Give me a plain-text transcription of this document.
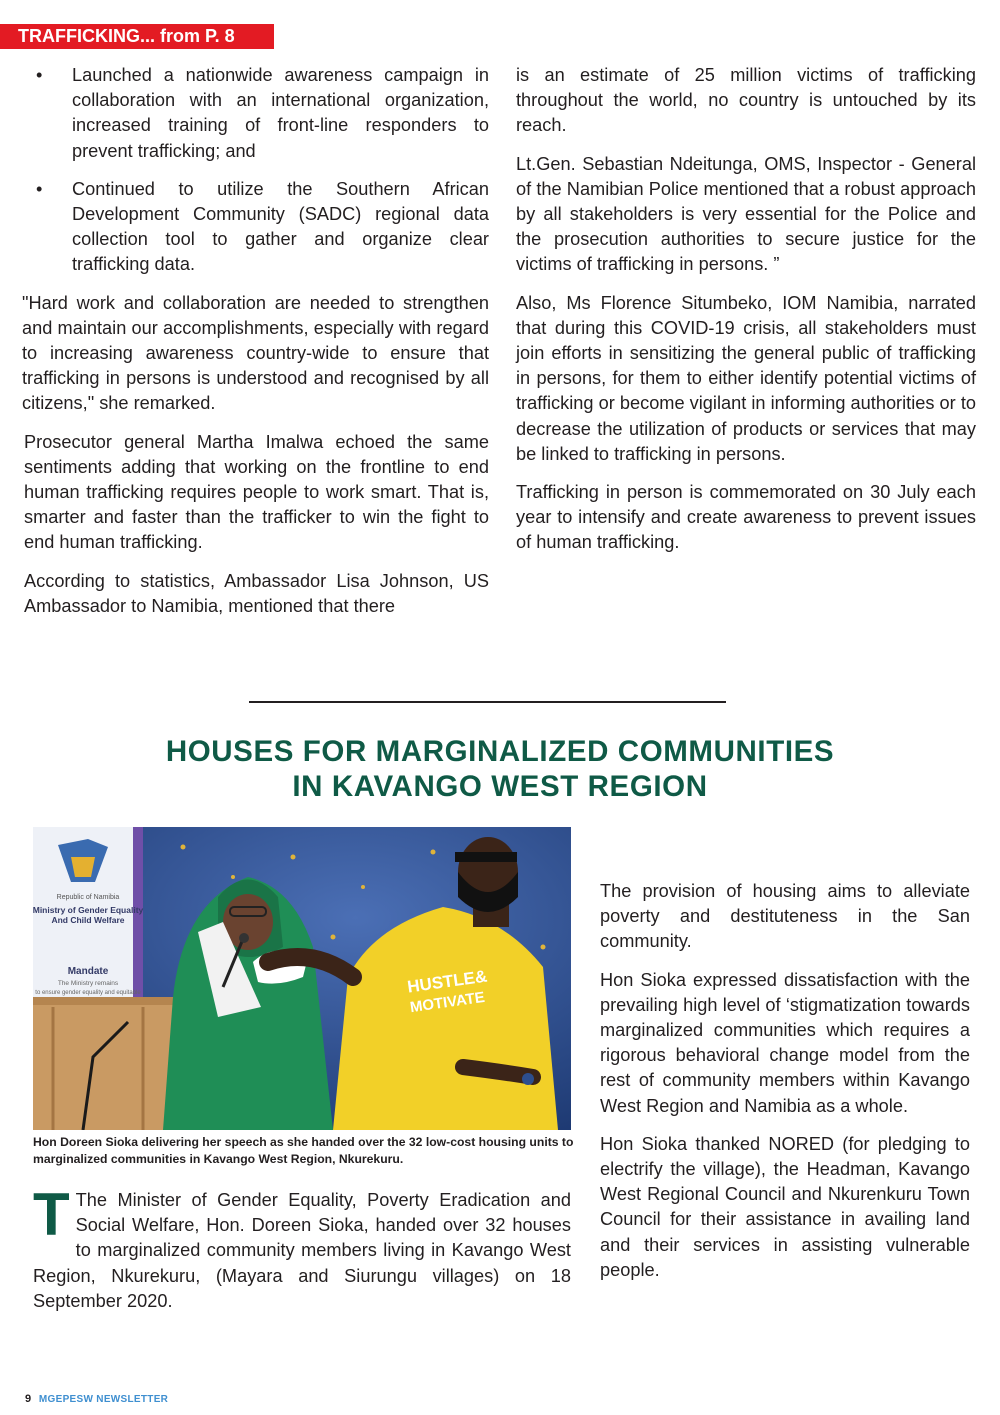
TRAFFICKING... from P. 8
• Launched a nationwide awareness campaign in collaboration with an international organization, increased training of front-line responders to prevent trafficking; and
• Continued to utilize the Southern African Development Community (SADC) regional data collection tool to gather and organize clear trafficking data.

"Hard work and collaboration are needed to strengthen and maintain our accomplishments, especially with regard to increasing awareness country-wide to ensure that trafficking in persons is understood and recognised by all citizens," she remarked.

Prosecutor general Martha Imalwa echoed the same sentiments adding that working on the frontline to end human trafficking requires people to work smart. That is, smarter and faster than the trafficker to win the fight to end human trafficking.

According to statistics, Ambassador Lisa Johnson, US Ambassador to Namibia, mentioned that there

is an estimate of 25 million victims of trafficking throughout the world, no country is untouched by its reach.

Lt.Gen. Sebastian Ndeitunga, OMS, Inspector - General of the Namibian Police mentioned that a robust approach by all stakeholders is very essential for the Police and the prosecution authorities to secure justice for the victims of trafficking in persons. ”

Also, Ms Florence Situmbeko, IOM Namibia, narrated that during this COVID-19 crisis, all stakeholders must join efforts in sensitizing the general public of trafficking in persons, for them to either identify potential victims of trafficking or become vigilant in informing authorities or to decrease the utilization of products or services that may be linked to trafficking in persons.

Trafficking in person is commemorated on 30 July each year to intensify and create awareness to prevent issues of human trafficking.

HOUSES FOR MARGINALIZED COMMUNITIES
IN KAVANGO WEST REGION
Republic of Namibia
Ministry of Gender Equality
And Child Welfare
Mandate
The Ministry remains
to ensure gender equality and equitable	HUSTLE&
MOTIVATE
Hon Doreen Sioka delivering her speech as she handed over the 32 low-cost housing units to marginalized communities in Kavango West Region, Nkurekuru.

T The Minister of Gender Equality, Poverty Eradication and Social Welfare, Hon. Doreen Sioka, handed over 32 houses to marginalized community members living in Kavango West Region, Nkurekuru, (Mayara and Siurungu villages) on 18 September 2020.

The provision of housing aims to alleviate poverty and destituteness in the San community.

Hon Sioka expressed dissatisfaction with the prevailing high level of ‘stigmatization towards marginalized communities which requires a rigorous behavioral change model from the rest of community members within Kavango West Region and Namibia as a whole.

Hon Sioka thanked NORED (for pledging to electrify the village), the Headman, Kavango West Regional Council and Nkurenkuru Town Council for their assistance in availing land and their services in assisting vulnerable people.

9 MGEPESW NEWSLETTER
